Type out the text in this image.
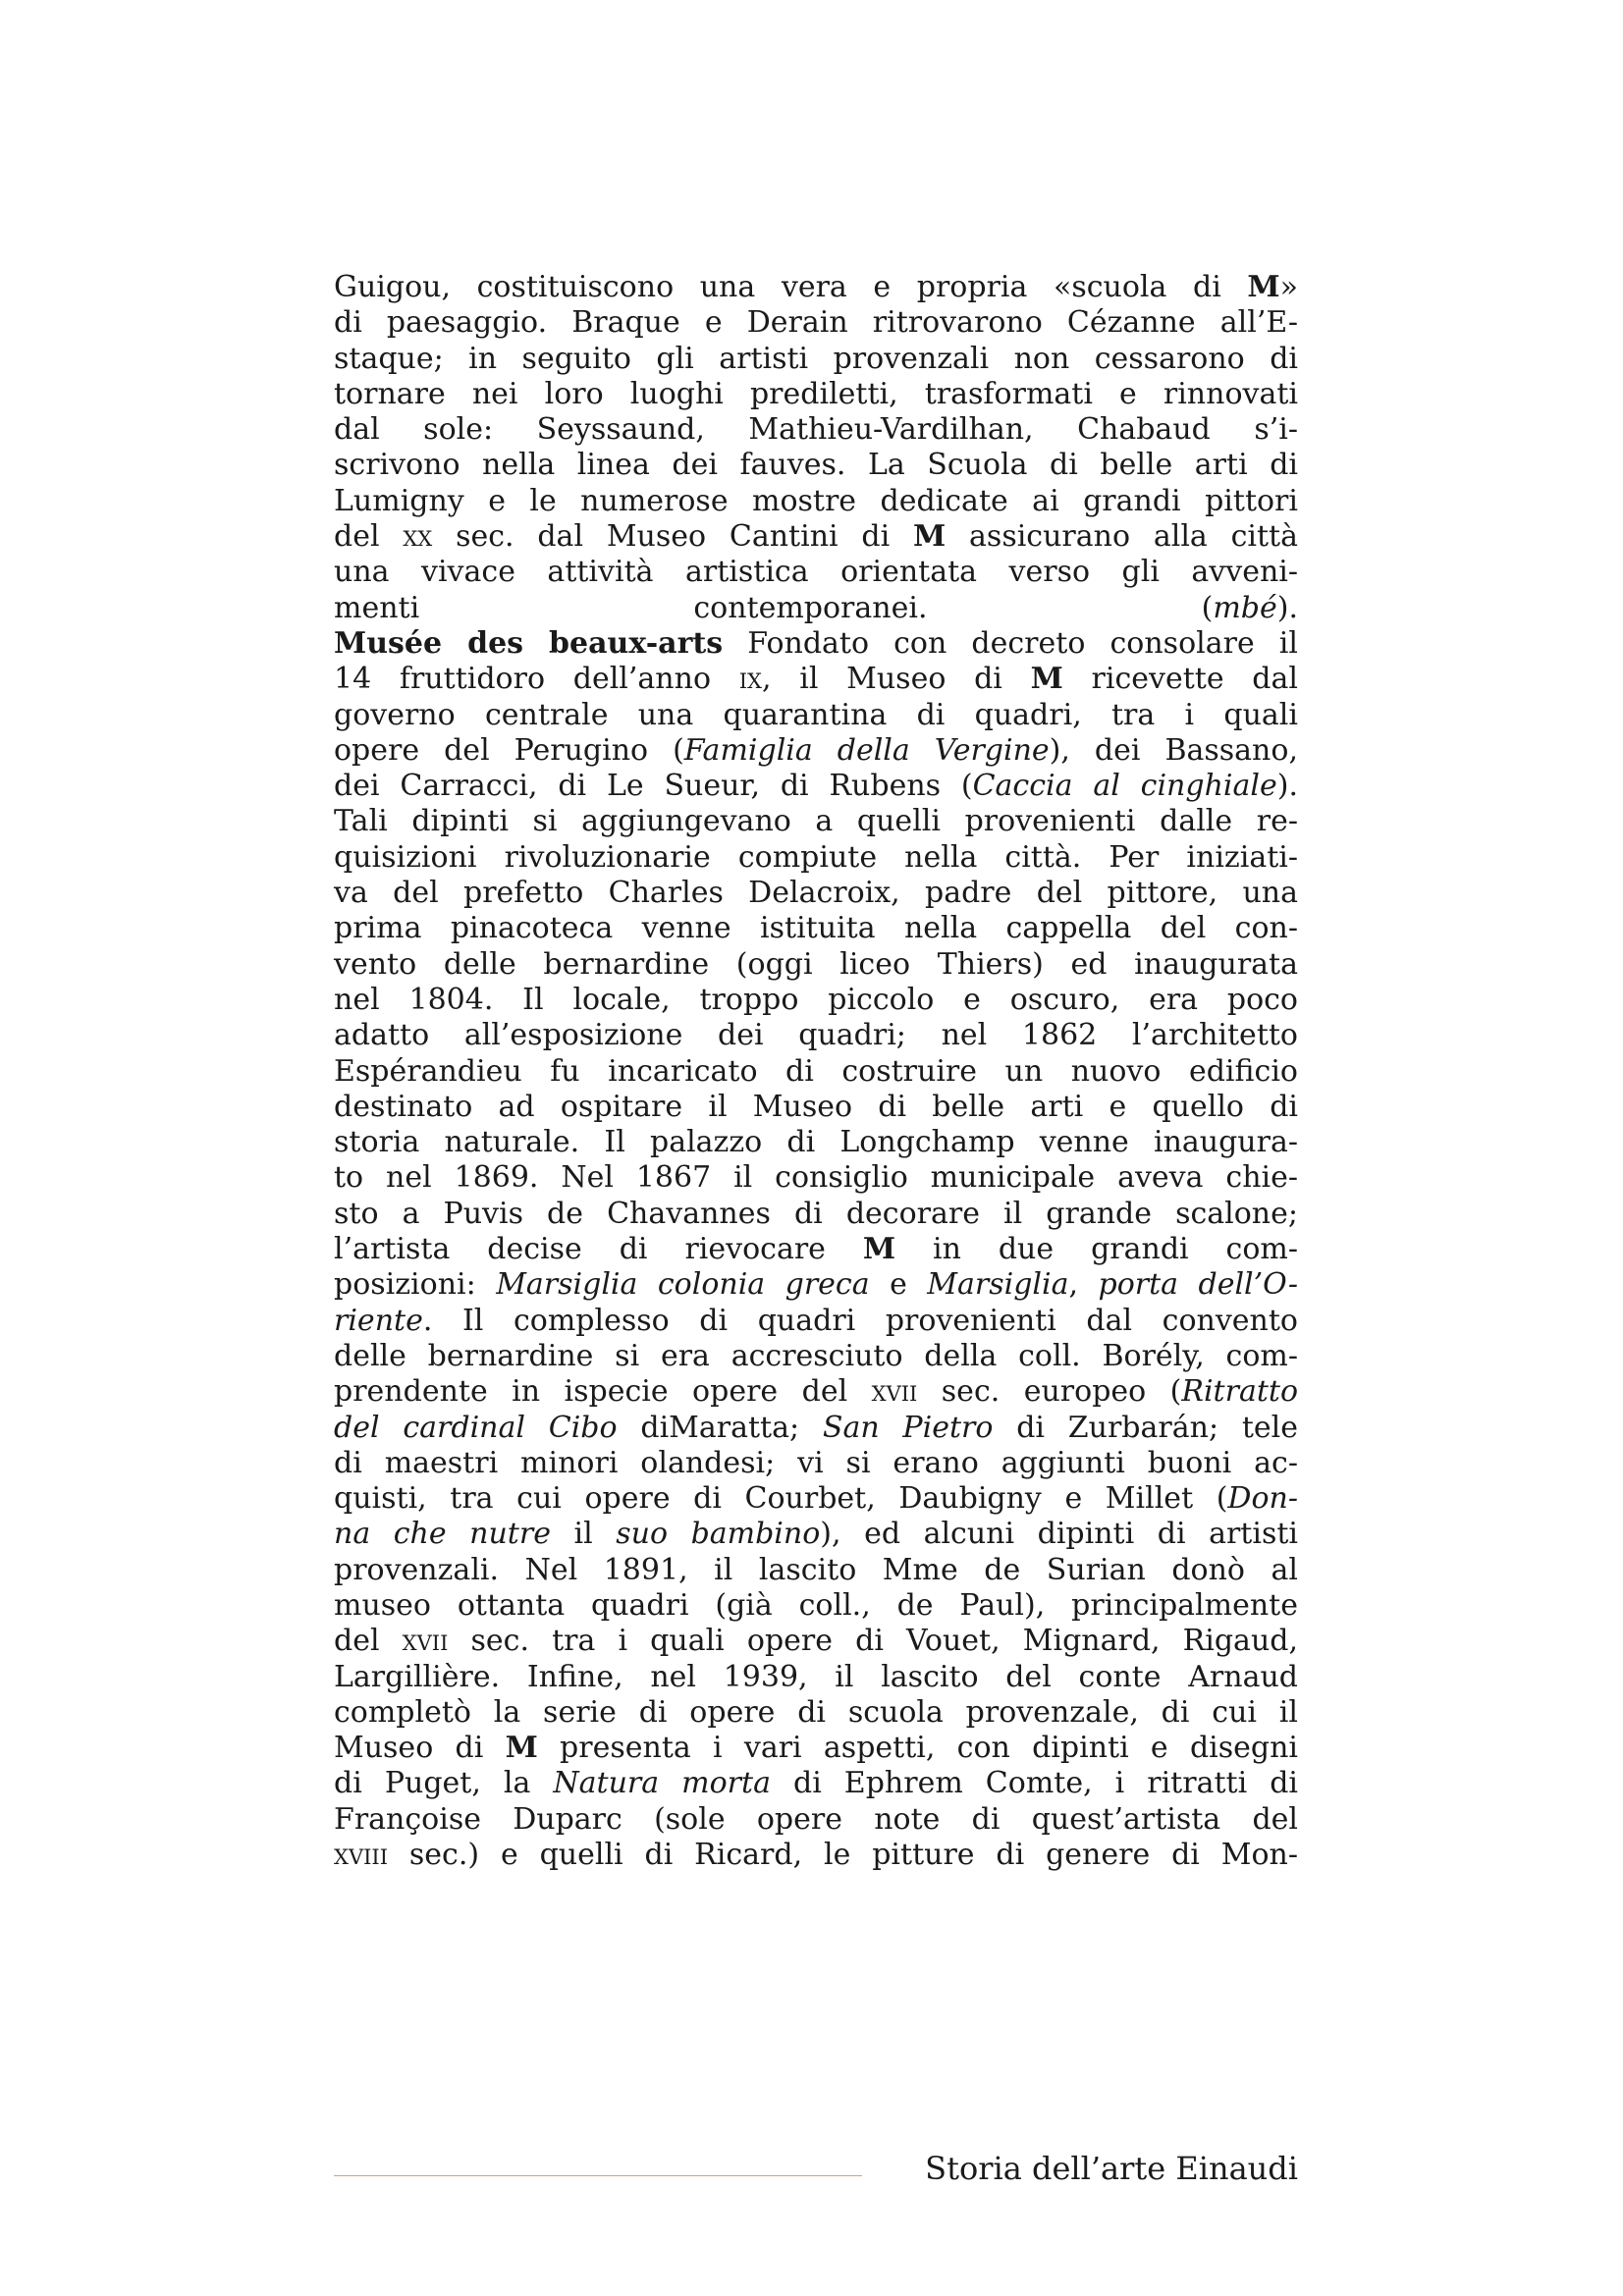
Guigou, costituiscono una vera e propria «scuola di M»
di paesaggio. Braque e Derain ritrovarono Cézanne all’E-
staque; in seguito gli artisti provenzali non cessarono di
tornare nei loro luoghi prediletti, trasformati e rinnovati
dal sole: Seyssaund, Mathieu-Vardilhan, Chabaud s’i-
scrivono nella linea dei fauves. La Scuola di belle arti di
Lumigny e le numerose mostre dedicate ai grandi pittori
del xx sec. dal Museo Cantini di M assicurano alla città
una vivace attività artistica orientata verso gli avveni-
menti contemporanei. (mbé).
Musée des beaux-arts Fondato con decreto consolare il
14 fruttidoro dell’anno ix, il Museo di M ricevette dal
governo centrale una quarantina di quadri, tra i quali
opere del Perugino (Famiglia della Vergine), dei Bassano,
dei Carracci, di Le Sueur, di Rubens (Caccia al cinghiale).
Tali dipinti si aggiungevano a quelli provenienti dalle re-
quisizioni rivoluzionarie compiute nella città. Per iniziati-
va del prefetto Charles Delacroix, padre del pittore, una
prima pinacoteca venne istituita nella cappella del con-
vento delle bernardine (oggi liceo Thiers) ed inaugurata
nel 1804. Il locale, troppo piccolo e oscuro, era poco
adatto all’esposizione dei quadri; nel 1862 l’architetto
Espérandieu fu incaricato di costruire un nuovo edificio
destinato ad ospitare il Museo di belle arti e quello di
storia naturale. Il palazzo di Longchamp venne inaugura-
to nel 1869. Nel 1867 il consiglio municipale aveva chie-
sto a Puvis de Chavannes di decorare il grande scalone;
l’artista decise di rievocare M in due grandi com-
posizioni: Marsiglia colonia greca e Marsiglia, porta dell’O-
riente. Il complesso di quadri provenienti dal convento
delle bernardine si era accresciuto della coll. Borély, com-
prendente in ispecie opere del xvii sec. europeo (Ritratto
del cardinal Cibo diMaratta; San Pietro di Zurbarán; tele
di maestri minori olandesi; vi si erano aggiunti buoni ac-
quisti, tra cui opere di Courbet, Daubigny e Millet (Don-
na che nutre il suo bambino), ed alcuni dipinti di artisti
provenzali. Nel 1891, il lascito Mme de Surian donò al
museo ottanta quadri (già coll., de Paul), principalmente
del xvii sec. tra i quali opere di Vouet, Mignard, Rigaud,
Largillière. Infine, nel 1939, il lascito del conte Arnaud
completò la serie di opere di scuola provenzale, di cui il
Museo di M presenta i vari aspetti, con dipinti e disegni
di Puget, la Natura morta di Ephrem Comte, i ritratti di
Françoise Duparc (sole opere note di quest’artista del
xviii sec.) e quelli di Ricard, le pitture di genere di Mon-
Storia dell’arte Einaudi
